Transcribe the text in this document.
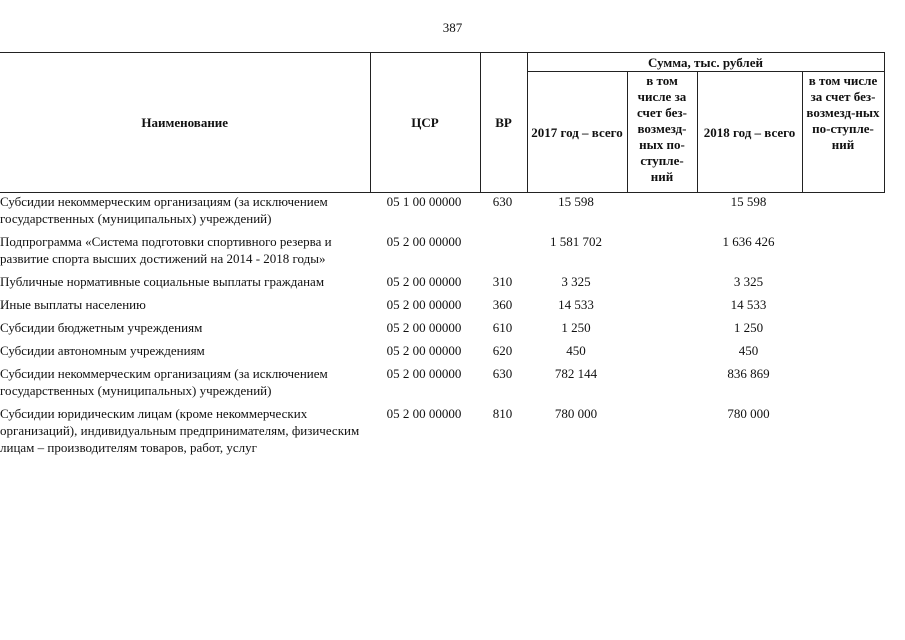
387
Наименование	ЦСР	ВР	Сумма, тыс. рублей			
			2017 год – всего	в том числе за счет без-возмезд-ных по-ступле-ний	2018 год – всего	в том числе за счет без-возмезд-ных по-ступле-ний
Субсидии некоммерческим организациям (за исключением государственных (муниципальных) учреждений)	05 1 00 00000	630	15 598		15 598	
Подпрограмма «Система подготовки спортивного резерва и развитие спорта высших достижений на 2014 - 2018 годы»	05 2 00 00000		1 581 702		1 636 426	
Публичные нормативные социальные выплаты гражданам	05 2 00 00000	310	3 325		3 325	
Иные выплаты населению	05 2 00 00000	360	14 533		14 533	
Субсидии бюджетным учреждениям	05 2 00 00000	610	1 250		1 250	
Субсидии автономным учреждениям	05 2 00 00000	620	450		450	
Субсидии некоммерческим организациям (за исключением государственных (муниципальных) учреждений)	05 2 00 00000	630	782 144		836 869	
Субсидии юридическим лицам (кроме некоммерческих организаций), индивидуальным предпринимателям, физическим лицам – производителям товаров, работ, услуг	05 2 00 00000	810	780 000		780 000	
